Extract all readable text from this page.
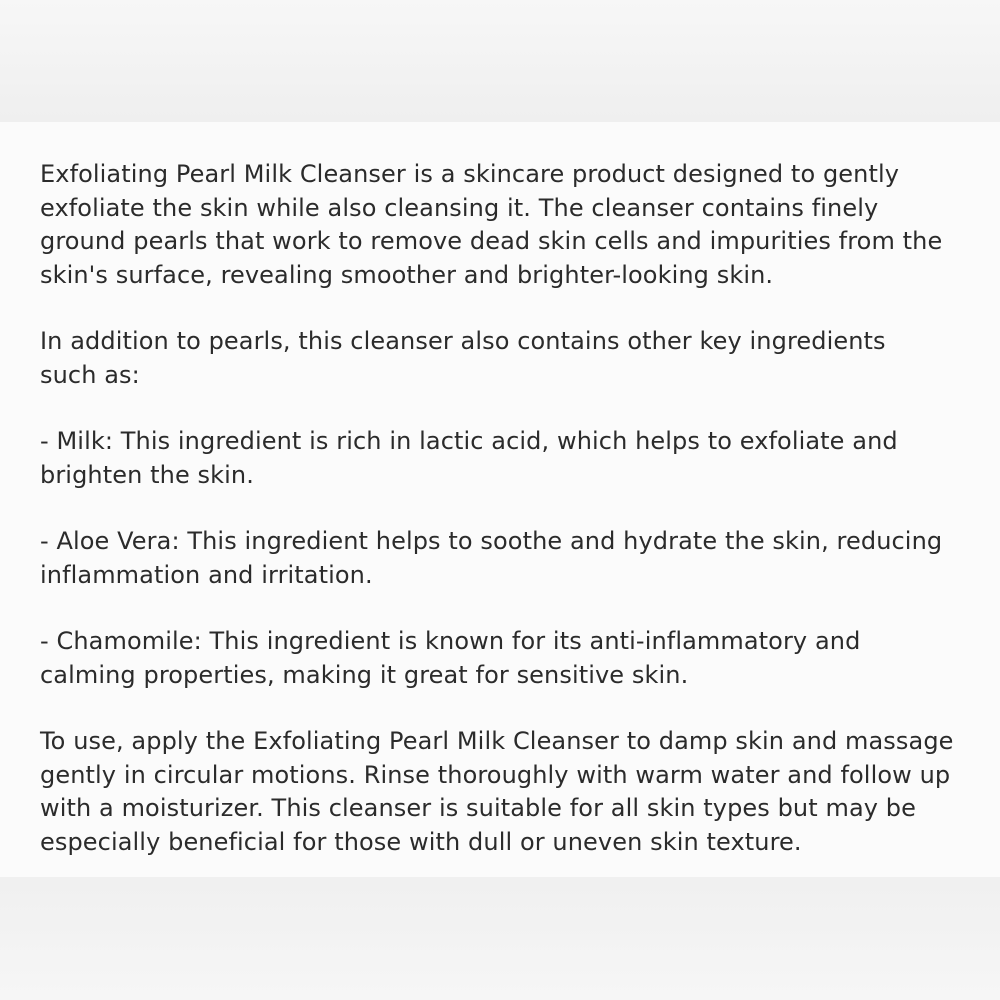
Exfoliating Pearl Milk Cleanser is a skincare product designed to gently
exfoliate the skin while also cleansing it. The cleanser contains finely
ground pearls that work to remove dead skin cells and impurities from the
skin's surface, revealing smoother and brighter-looking skin.

In addition to pearls, this cleanser also contains other key ingredients
such as:

- Milk: This ingredient is rich in lactic acid, which helps to exfoliate and
brighten the skin.

- Aloe Vera: This ingredient helps to soothe and hydrate the skin, reducing
inflammation and irritation.

- Chamomile: This ingredient is known for its anti-inflammatory and
calming properties, making it great for sensitive skin.

To use, apply the Exfoliating Pearl Milk Cleanser to damp skin and massage
gently in circular motions. Rinse thoroughly with warm water and follow up
with a moisturizer. This cleanser is suitable for all skin types but may be
especially beneficial for those with dull or uneven skin texture.
